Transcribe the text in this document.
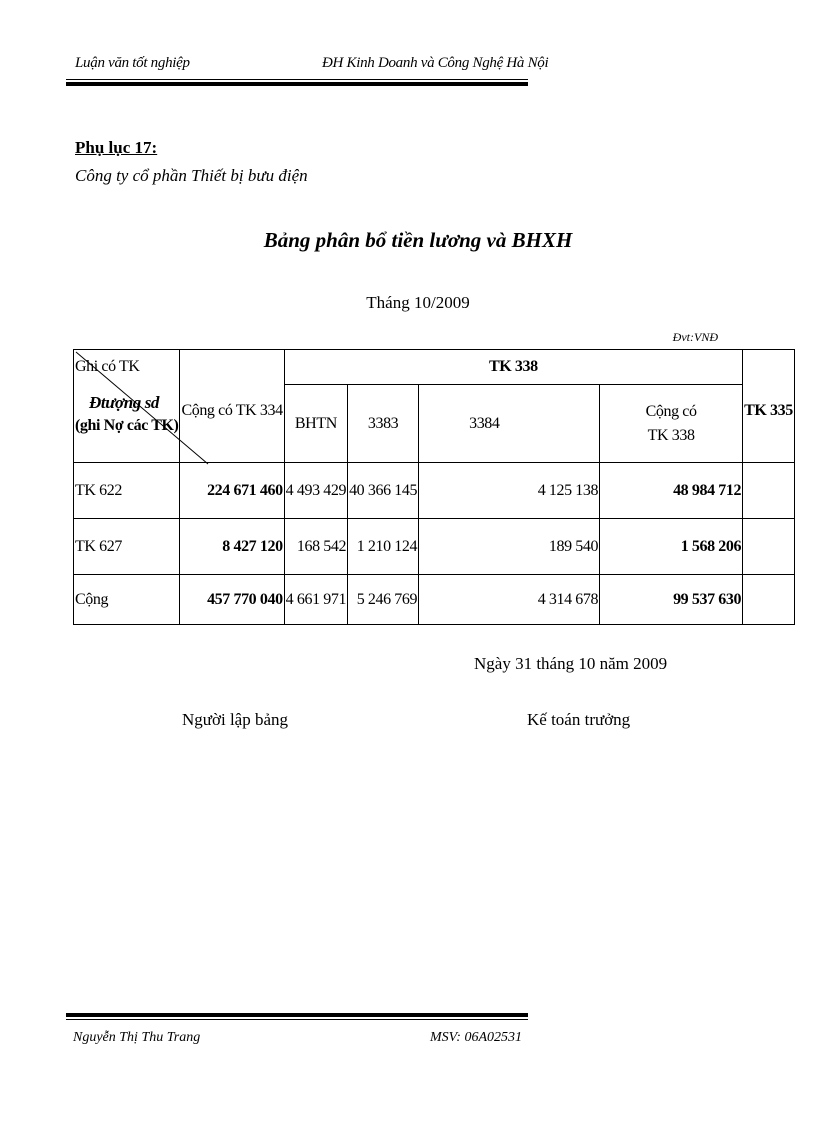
Luận văn tốt nghiệp	ĐH Kinh Doanh và Công Nghệ Hà Nội
Phụ lục 17:
Công ty cổ phần Thiết bị bưu điện
Bảng phân bổ tiền lương và BHXH
Tháng 10/2009
Đvt:VNĐ
Ghi có TK
Đtượng sd
(ghi Nợ các TK)	Cộng có TK 334	TK 338				TK 335
		BHTN	3383	3384	Cộng có
TK 338	

TK 622	224 671 460	4 493 429	40 366 145	4 125 138	48 984 712	
TK 627	8 427 120	168 542	1 210 124	189 540	1 568 206	
Cộng	457 770 040	4 661 971	5 246 769	4 314 678	99 537 630	
Ngày 31 tháng 10 năm 2009
Người lập bảng	Kế toán trưởng
Nguyễn Thị Thu Trang	MSV: 06A02531
